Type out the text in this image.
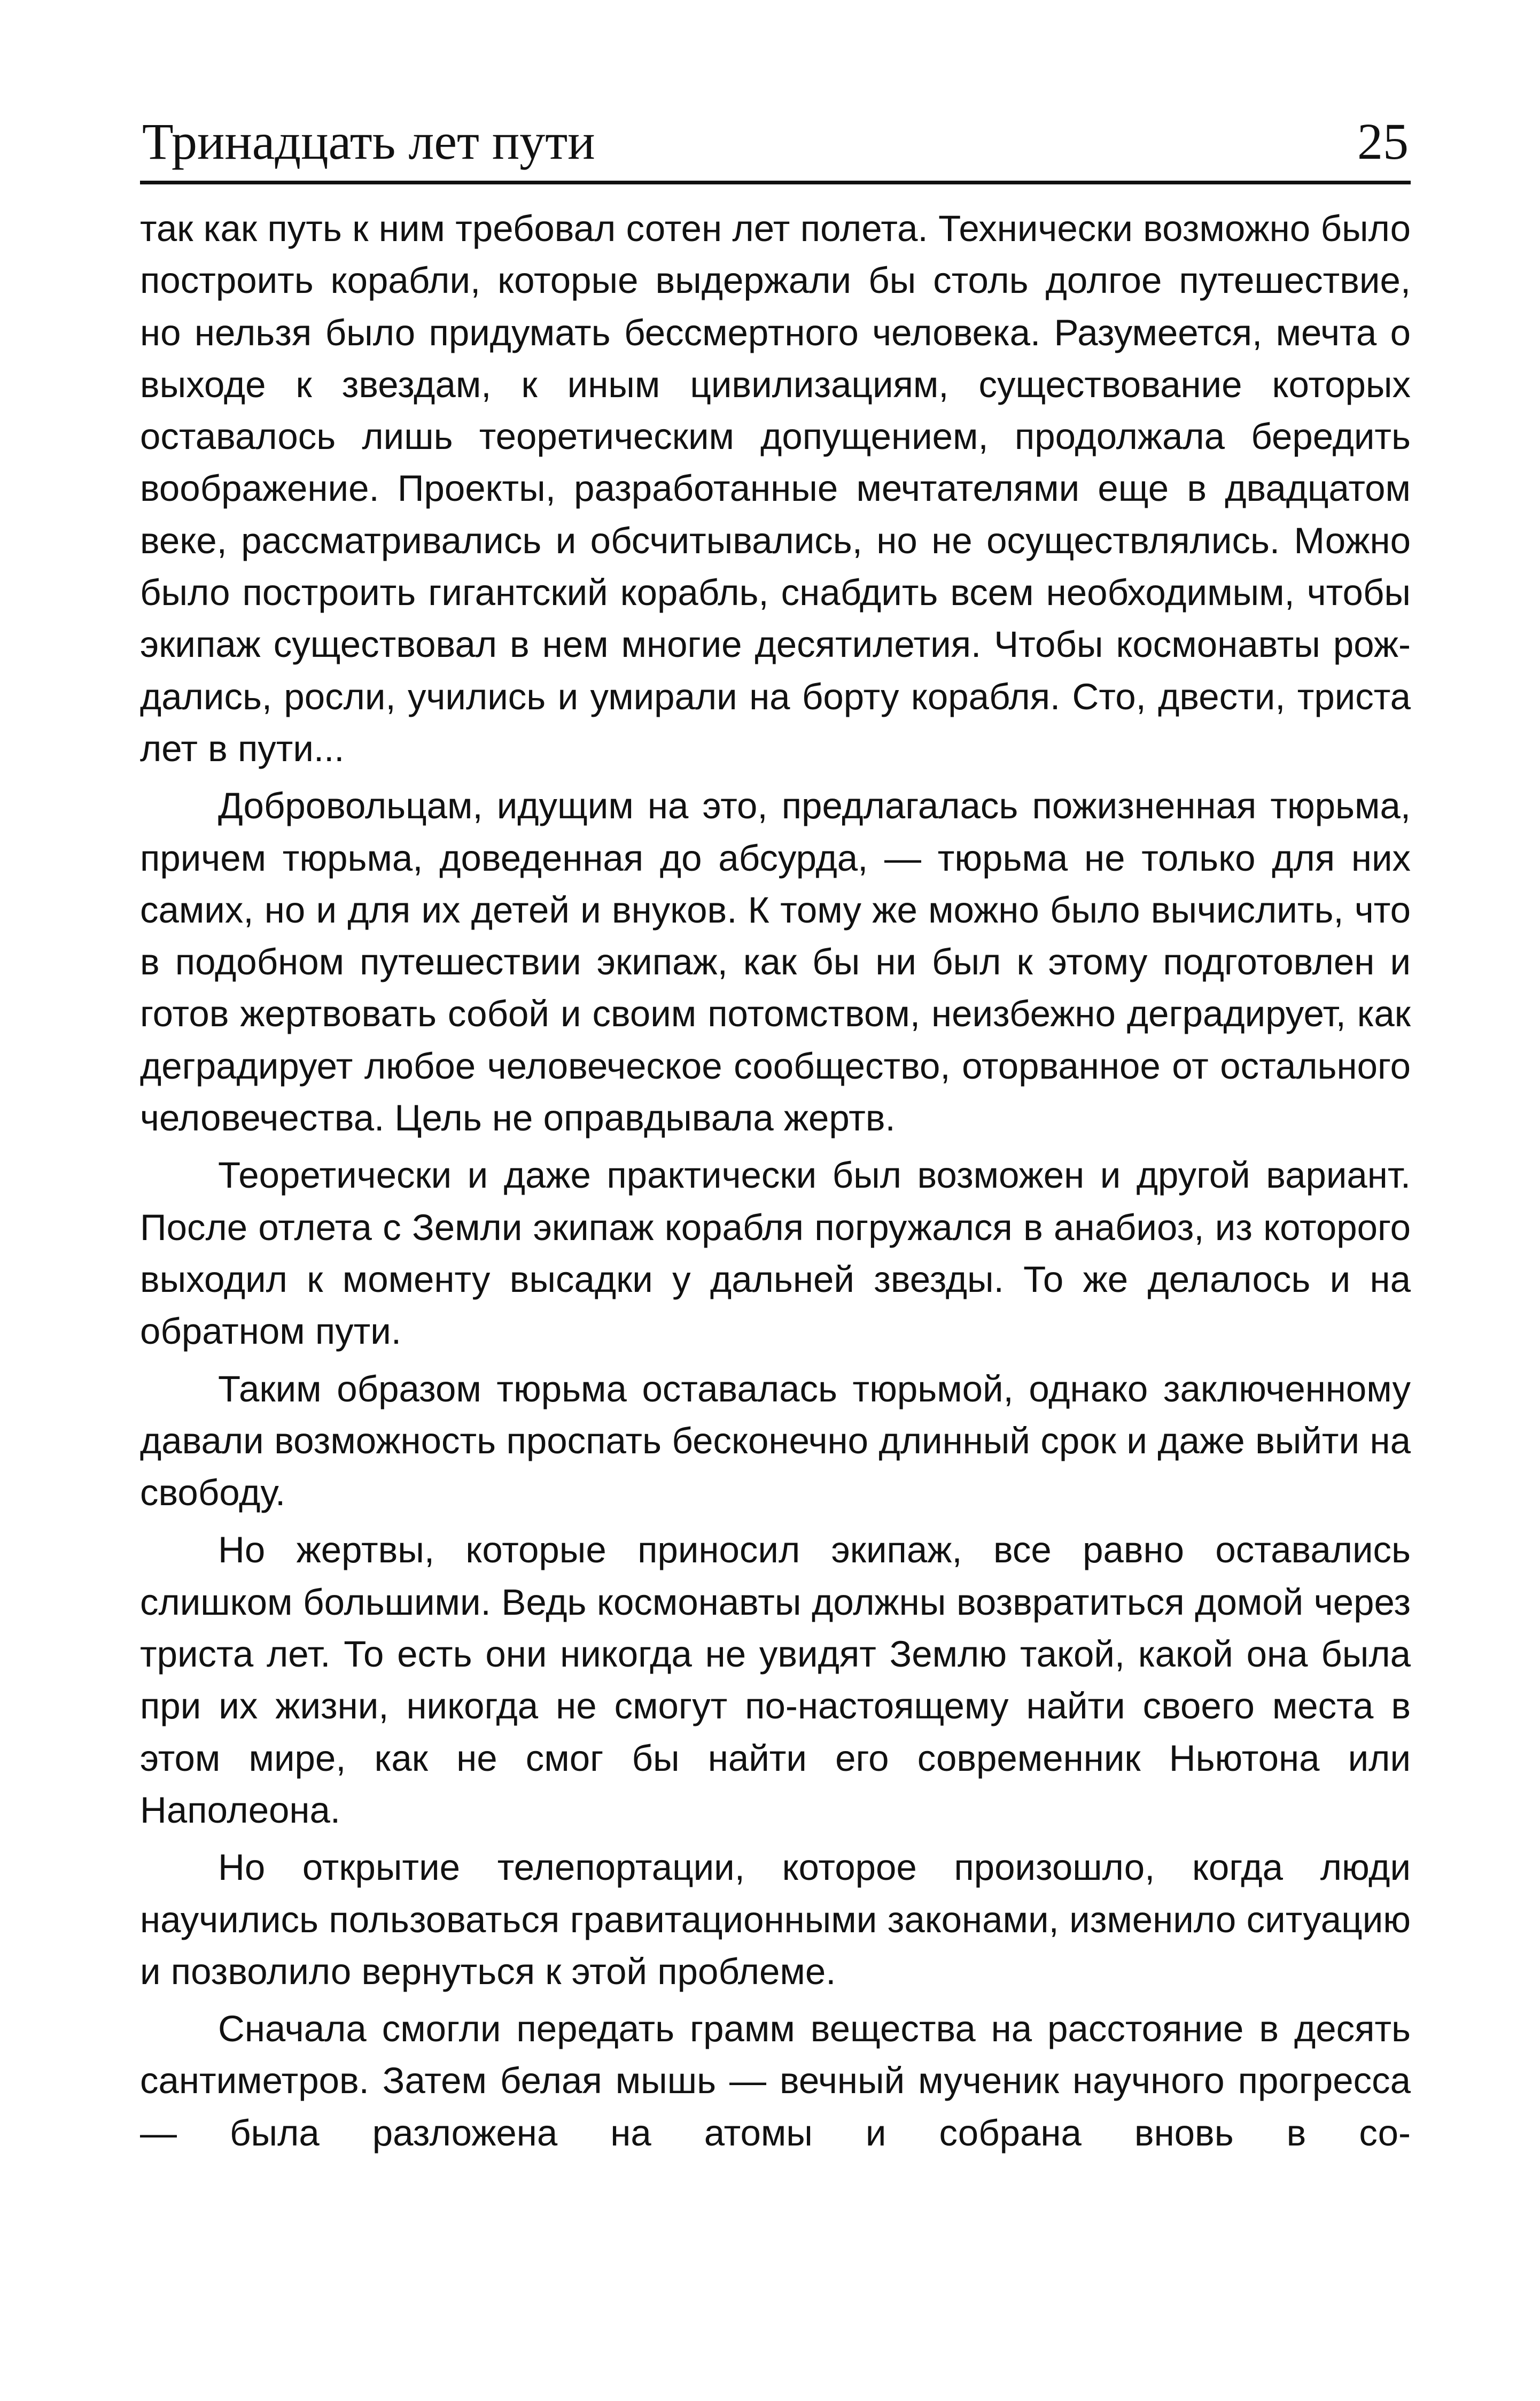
Тринадцать лет пути	25

так как путь к ним требовал сотен лет полета. Технически возможно было построить корабли, которые выдержали бы столь долгое путешествие, но нельзя было придумать бессмертного человека. Разумеется, мечта о выходе к звездам, к иным цивилизациям, существование которых оставалось лишь теоретическим допущением, продолжала бередить воображение. Проекты, разработанные мечтателями еще в двадцатом веке, рассматривались и обсчитывались, но не осуществлялись. Можно было построить гигантский корабль, снабдить всем необходимым, чтобы экипаж существовал в нем многие десятилетия. Чтобы космонавты рождались, росли, учились и умирали на борту корабля. Сто, двести, триста лет в пути...

Добровольцам, идущим на это, предлагалась пожизненная тюрьма, причем тюрьма, доведенная до абсурда, — тюрьма не только для них самих, но и для их детей и внуков. К тому же можно было вычислить, что в подобном путешествии экипаж, как бы ни был к этому подготовлен и готов жертвовать собой и своим потомством, неизбежно деградирует, как деградирует любое человеческое сообщество, оторванное от остального человечества. Цель не оправдывала жертв.

Теоретически и даже практически был возможен и другой вариант. После отлета с Земли экипаж корабля погружался в анабиоз, из которого выходил к моменту высадки у дальней звезды. То же делалось и на обратном пути.

Таким образом тюрьма оставалась тюрьмой, однако заключенному давали возможность проспать бесконечно длинный срок и даже выйти на свободу.

Но жертвы, которые приносил экипаж, все равно оставались слишком большими. Ведь космонавты должны возвратиться домой через триста лет. То есть они никогда не увидят Землю такой, какой она была при их жизни, никогда не смогут по-настоящему найти своего места в этом мире, как не смог бы найти его современник Ньютона или Наполеона.

Но открытие телепортации, которое произошло, когда люди научились пользоваться гравитационными законами, изменило ситуацию и позволило вернуться к этой проблеме.

Сначала смогли передать грамм вещества на расстояние в десять сантиметров. Затем белая мышь — вечный мученик научного прогресса — была разложена на атомы и собрана вновь в со-
